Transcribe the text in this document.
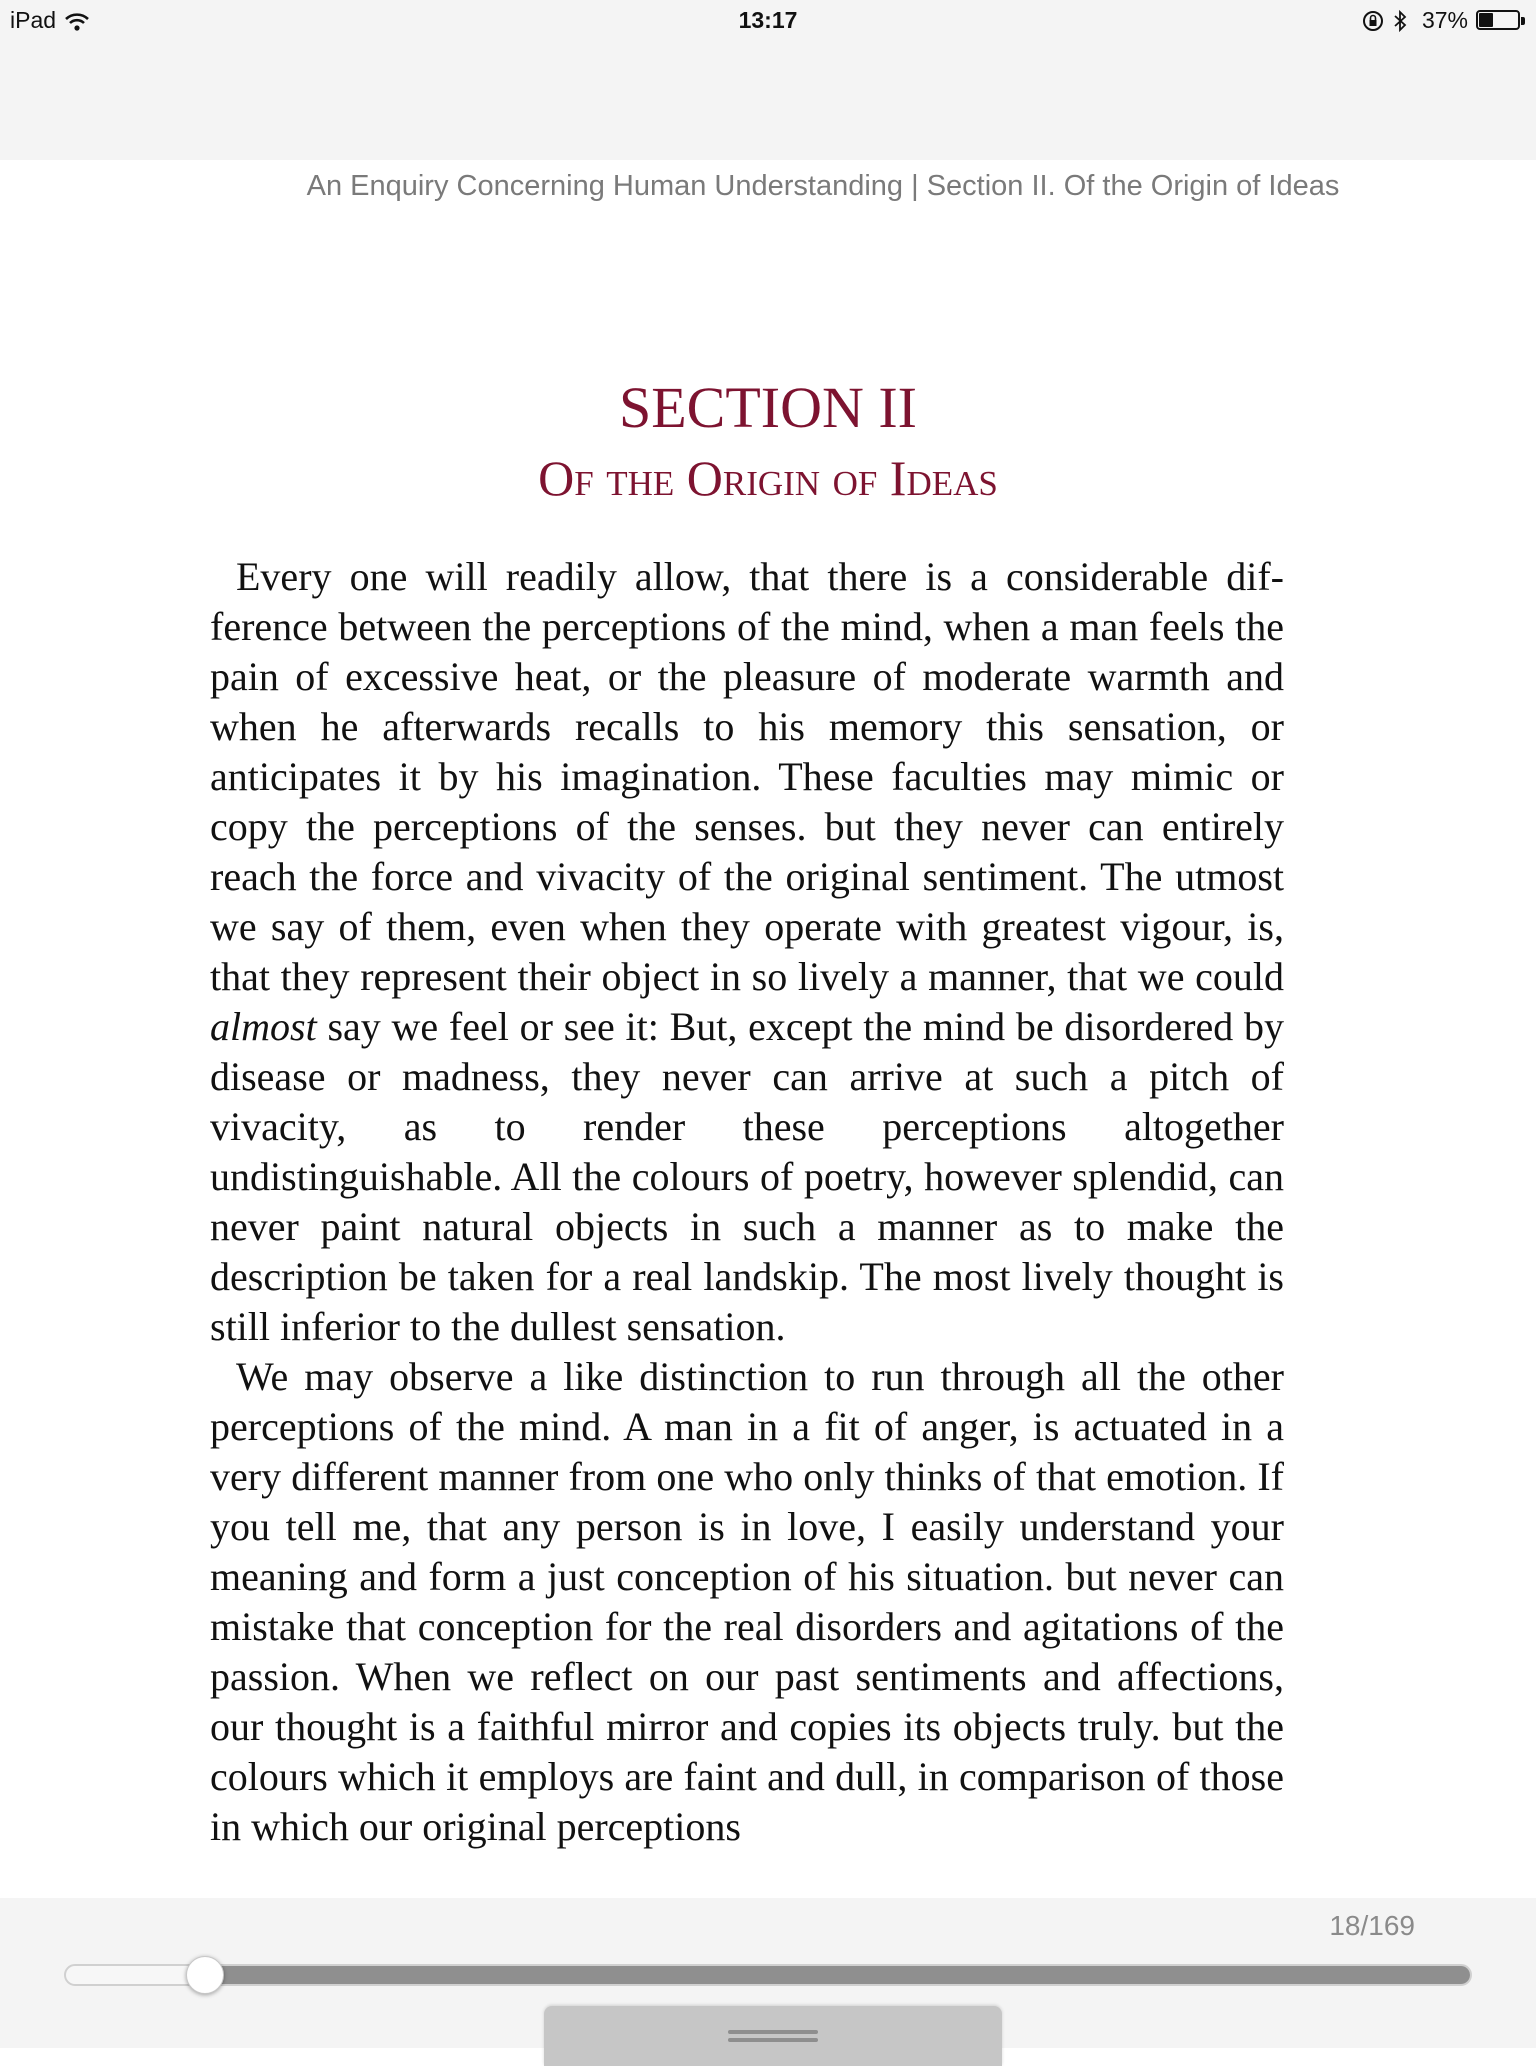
iPad	13:17	37%
An Enquiry Concerning Human Understanding | Section II. Of the Origin of Ideas
SECTION II
Of the Origin of Ideas

Every one will readily allow, that there is a considerable difference between the perceptions of the mind, when a man feels the pain of excessive heat, or the pleasure of moderate warmth and when he afterwards recalls to his memory this sensation, or anticipates it by his imagination. These faculties may mimic or copy the perceptions of the senses. but they never can entirely reach the force and vivacity of the original sentiment. The utmost we say of them, even when they operate with greatest vigour, is, that they represent their object in so lively a manner, that we could almost say we feel or see it: But, except the mind be disordered by disease or madness, they never can arrive at such a pitch of vivacity, as to render these perceptions altogether undistinguishable. All the colours of poetry, however splendid, can never paint natural objects in such a manner as to make the description be taken for a real landskip. The most lively thought is still inferior to the dullest sensation.

We may observe a like distinction to run through all the other perceptions of the mind. A man in a fit of anger, is actuated in a very different manner from one who only thinks of that emotion. If you tell me, that any person is in love, I easily understand your meaning and form a just conception of his situation. but never can mistake that conception for the real disorders and agitations of the passion. When we reflect on our past sentiments and affections, our thought is a faithful mirror and copies its objects truly. but the colours which it employs are faint and dull, in comparison of those in which our original perceptions

18/169
